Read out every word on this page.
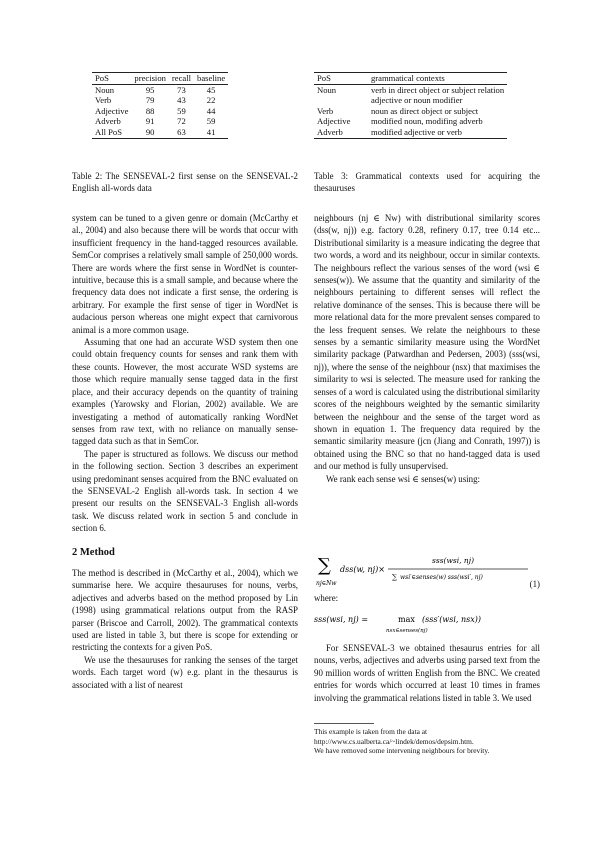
PoS	precision	recall	baseline
Noun	95	73	45
Verb	79	43	22
Adjective	88	59	44
Adverb	91	72	59
All PoS	90	63	41
PoS	grammatical contexts
Noun	verb in direct object or subject relation
	adjective or noun modifier
Verb	noun as direct object or subject
Adjective	modified noun, modifing adverb
Adverb	modified adjective or verb
Table 2: The SENSEVAL-2 first sense on the SENSEVAL-2 English all-words data
Table 3: Grammatical contexts used for acquiring the thesauruses

system can be tuned to a given genre or domain (McCarthy et al., 2004) and also because there will be words that occur with insufficient frequency in the hand-tagged resources available. SemCor comprises a relatively small sample of 250,000 words. There are words where the first sense in WordNet is counter-intuitive, because this is a small sample, and because where the frequency data does not indicate a first sense, the ordering is arbitrary. For example the first sense of tiger in WordNet is audacious person whereas one might expect that carnivorous animal is a more common usage.

Assuming that one had an accurate WSD system then one could obtain frequency counts for senses and rank them with these counts. However, the most accurate WSD systems are those which require manually sense tagged data in the first place, and their accuracy depends on the quantity of training examples (Yarowsky and Florian, 2002) available. We are investigating a method of automatically ranking WordNet senses from raw text, with no reliance on manually sense-tagged data such as that in SemCor.

The paper is structured as follows. We discuss our method in the following section. Section 3 describes an experiment using predominant senses acquired from the BNC evaluated on the SENSEVAL-2 English all-words task. In section 4 we present our results on the SENSEVAL-3 English all-words task. We discuss related work in section 5 and conclude in section 6.

2 Method

The method is described in (McCarthy et al., 2004), which we summarise here. We acquire thesauruses for nouns, verbs, adjectives and adverbs based on the method proposed by Lin (1998) using grammatical relations output from the RASP parser (Briscoe and Carroll, 2002). The grammatical contexts used are listed in table 3, but there is scope for extending or restricting the contexts for a given PoS.

We use the thesauruses for ranking the senses of the target words. Each target word (w) e.g. plant in the thesaurus is associated with a list of nearest

neighbours (nj ∈ Nw) with distributional similarity scores (dss(w, nj)) e.g. factory 0.28, refinery 0.17, tree 0.14 etc... Distributional similarity is a measure indicating the degree that two words, a word and its neighbour, occur in similar contexts. The neighbours reflect the various senses of the word (wsi ∈ senses(w)). We assume that the quantity and similarity of the neighbours pertaining to different senses will reflect the relative dominance of the senses. This is because there will be more relational data for the more prevalent senses compared to the less frequent senses. We relate the neighbours to these senses by a semantic similarity measure using the WordNet similarity package (Patwardhan and Pedersen, 2003) (sss(wsi, nj)), where the sense of the neighbour (nsx) that maximises the similarity to wsi is selected. The measure used for ranking the senses of a word is calculated using the distributional similarity scores of the neighbours weighted by the semantic similarity between the neighbour and the sense of the target word as shown in equation 1. The frequency data required by the semantic similarity measure (jcn (Jiang and Conrath, 1997)) is obtained using the BNC so that no hand-tagged data is used and our method is fully unsupervised.

We rank each sense wsi ∈ senses(w) using:

∑
nj∈Nw
dss(w, nj)×
sss(wsi, nj)
∑ wsi′∈senses(w) sss(wsi′, nj)
(1)

where:

sss(wsi, nj) =	max
nsx∈senses(nj)
(sss′(wsi, nsx))

For SENSEVAL-3 we obtained thesaurus entries for all nouns, verbs, adjectives and adverbs using parsed text from the 90 million words of written English from the BNC. We created entries for words which occurred at least 10 times in frames involving the grammatical relations listed in table 3. We used

This example is taken from the data at http://www.cs.ualberta.ca/~lindek/demos/depsim.htm.
We have removed some intervening neighbours for brevity.
